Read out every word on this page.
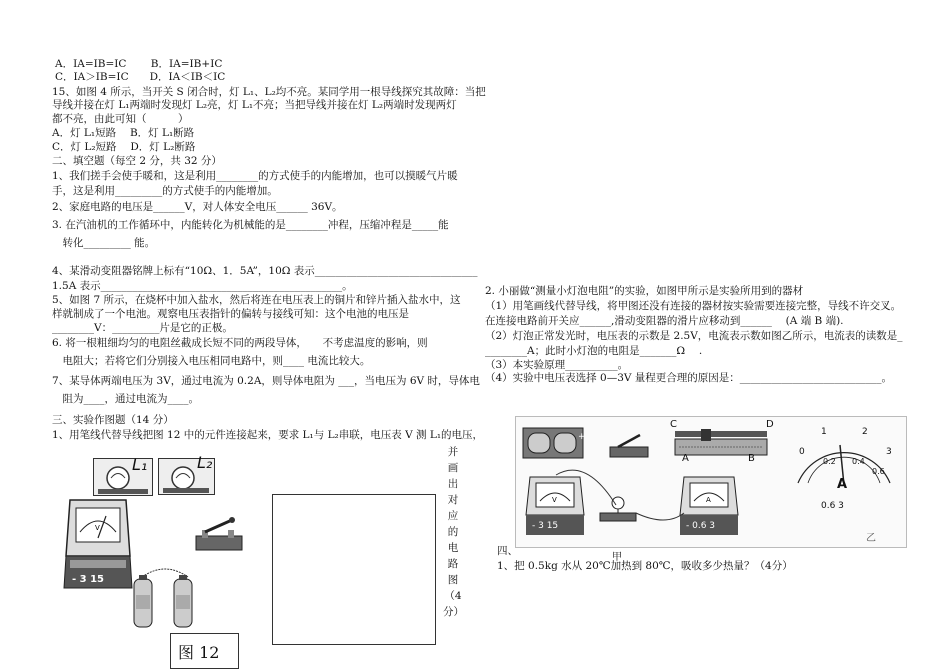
A．IA=IB=IC　　 B．IA=IB+IC
C．IA＞IB=IC　　D．IA＜IB＜IC
15、如图 4 所示，当开关 S 闭合时，灯 L₁、L₂均不亮。某同学用一根导线探究其故障：当把
导线并接在灯 L₁两端时发现灯 L₂亮，灯 L₁不亮；当把导线并接在灯 L₂两端时发现两灯
都不亮，由此可知（　　　）
A．灯 L₁短路　 B．灯 L₁断路
C．灯 L₂短路　 D．灯 L₂断路
二、填空题（每空 2 分，共 32 分）
1、我们搓手会使手暖和，这是利用________的方式使手的内能增加，也可以摸暖气片暖
手，这是利用_________的方式使手的内能增加。
2、家庭电路的电压是______V，对人体安全电压______ 36V。
3. 在汽油机的工作循环中，内能转化为机械能的是________冲程，压缩冲程是_____能
　转化_________ 能。
4、某滑动变阻器铭牌上标有“10Ω、1．5A”，10Ω 表示_______________________________
1.5A 表示______________________________________________。
5、如图 7 所示，在烧杯中加入盐水，然后将连在电压表上的铜片和锌片插入盐水中，这
样就制成了一个电池。观察电压表指针的偏转与接线可知：这个电池的电压是
________V：_________片是它的正极。
6. 将一根粗细均匀的电阻丝截成长短不同的两段导体，　　不考虑温度的影响，则
　电阻大；若将它们分别接入电压相同电路中，则____ 电流比较大。
7、某导体两端电压为 3V，通过电流为 0.2A，则导体电阻为 ___，当电压为 6V 时，导体电
　阻为____，通过电流为____。
三、实验作图题（14 分）
1、用笔线代替导线把图 12 中的元件连接起来，要求 L₁与 L₂串联，电压表 V 测 L₁的电压，
并
画
出
对
应
的
电
路
图
（4
分）
L₁	L₂
V
- 3 15
图 12
2. 小丽做“测量小灯泡电阻”的实验，如图甲所示是实验所用到的器材
（1）用笔画线代替导线，将甲图还没有连接的器材按实验需要连接完整，导线不许交叉。
在连接电路前开关应______,滑动变阻器的滑片应移动到______　 (A 端 B 端).
（2）灯泡正常发光时，电压表的示数是 2.5V，电流表示数如图乙所示，电流表的读数是_
________A；此时小灯泡的电阻是_______Ω　 .
（3）本实验原理__________。
（4）实验中电压表选择 0—3V 量程更合理的原因是：___________________________。
+
C	D
A	B
0
1	2
3
0.2 0.4
0.6
A
0.6 3
乙
V
- 3 15
A
- 0.6 3
甲
四、
1、把 0.5kg 水从 20℃加热到 80℃，吸收多少热量？（4分）
